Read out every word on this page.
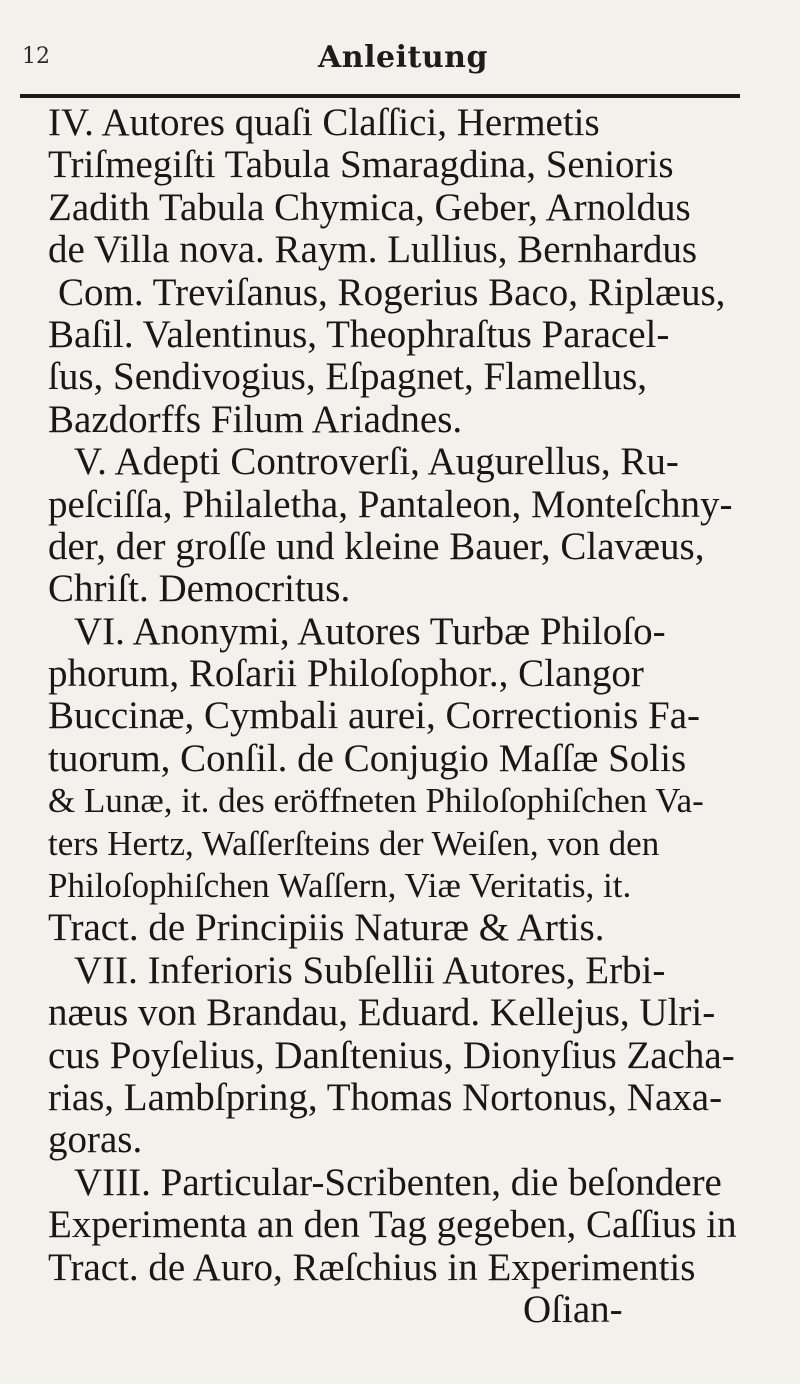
12	Anleitung
IV. Autores quaſi Claſſici, Hermetis
Triſmegiſti Tabula Smaragdina, Senioris
Zadith Tabula Chymica, Geber, Arnoldus
de Villa nova. Raym. Lullius, Bernhardus
Com. Treviſanus, Rogerius Baco, Riplæus,
Baſil. Valentinus, Theophraſtus Paracel-
ſus, Sendivogius, Eſpagnet, Flamellus,
Bazdorffs Filum Ariadnes.
V. Adepti Controverſi, Augurellus, Ru-
peſciſſa, Philaletha, Pantaleon, Monteſchny-
der, der groſſe und kleine Bauer, Clavæus,
Chriſt. Democritus.
VI. Anonymi, Autores Turbæ Philoſo-
phorum, Roſarii Philoſophor., Clangor
Buccinæ, Cymbali aurei, Correctionis Fa-
tuorum, Conſil. de Conjugio Maſſæ Solis
& Lunæ, it. des eröffneten Philoſophiſchen Va-
ters Hertz, Waſſerſteins der Weiſen, von den
Philoſophiſchen Waſſern, Viæ Veritatis, it.
Tract. de Principiis Naturæ & Artis.
VII. Inferioris Subſellii Autores, Erbi-
næus von Brandau, Eduard. Kellejus, Ulri-
cus Poyſelius, Danſtenius, Dionyſius Zacha-
rias, Lambſpring, Thomas Nortonus, Naxa-
goras.
VIII. Particular-Scribenten, die beſondere
Experimenta an den Tag gegeben, Caſſius in
Tract. de Auro, Ræſchius in Experimentis
Oſian-
